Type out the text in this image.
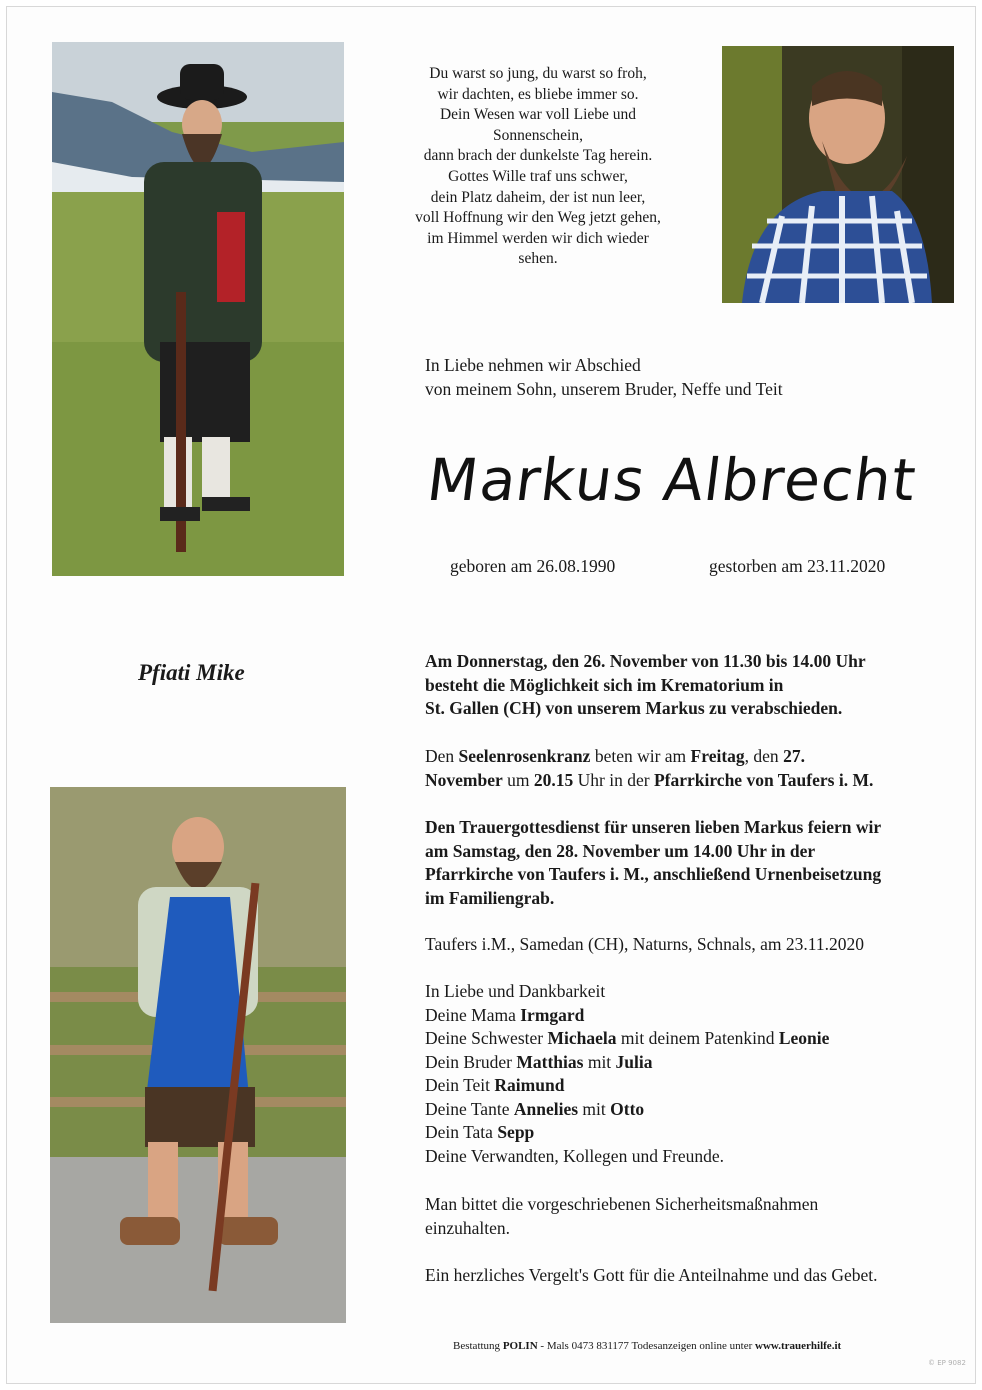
Du warst so jung, du warst so froh,
wir dachten, es bliebe immer so.
Dein Wesen war voll Liebe und
Sonnenschein,
dann brach der dunkelste Tag herein.
Gottes Wille traf uns schwer,
dein Platz daheim, der ist nun leer,
voll Hoffnung wir den Weg jetzt gehen,
im Himmel werden wir dich wieder
sehen.
In Liebe nehmen wir Abschied
von meinem Sohn, unserem Bruder, Neffe und Teit
Markus Albrecht
geboren am 26.08.1990	gestorben am 23.11.2020
Pfiati Mike	Am Donnerstag, den 26. November von 11.30 bis 14.00 Uhr

besteht die Möglichkeit sich im Krematorium in

St. Gallen (CH) von unserem Markus zu verabschieden.

Den Seelenrosenkranz beten wir am Freitag, den 27.

November um 20.15 Uhr in der Pfarrkirche von Taufers i. M.

Den Trauergottesdienst für unseren lieben Markus feiern wir

am Samstag, den 28. November um 14.00 Uhr in der

Pfarrkirche von Taufers i. M., anschließend Urnenbeisetzung

im Familiengrab.

Taufers i.M., Samedan (CH), Naturns, Schnals, am 23.11.2020

In Liebe und Dankbarkeit

Deine Mama Irmgard

Deine Schwester Michaela mit deinem Patenkind Leonie

Dein Bruder Matthias mit Julia

Dein Teit Raimund

Deine Tante Annelies mit Otto

Dein Tata Sepp

Deine Verwandten, Kollegen und Freunde.

Man bittet die vorgeschriebenen Sicherheitsmaßnahmen

einzuhalten.

Ein herzliches Vergelt's Gott für die Anteilnahme und das Gebet.
Bestattung POLIN - Mals 0473 831177 Todesanzeigen online unter www.trauerhilfe.it
© EP 9082
